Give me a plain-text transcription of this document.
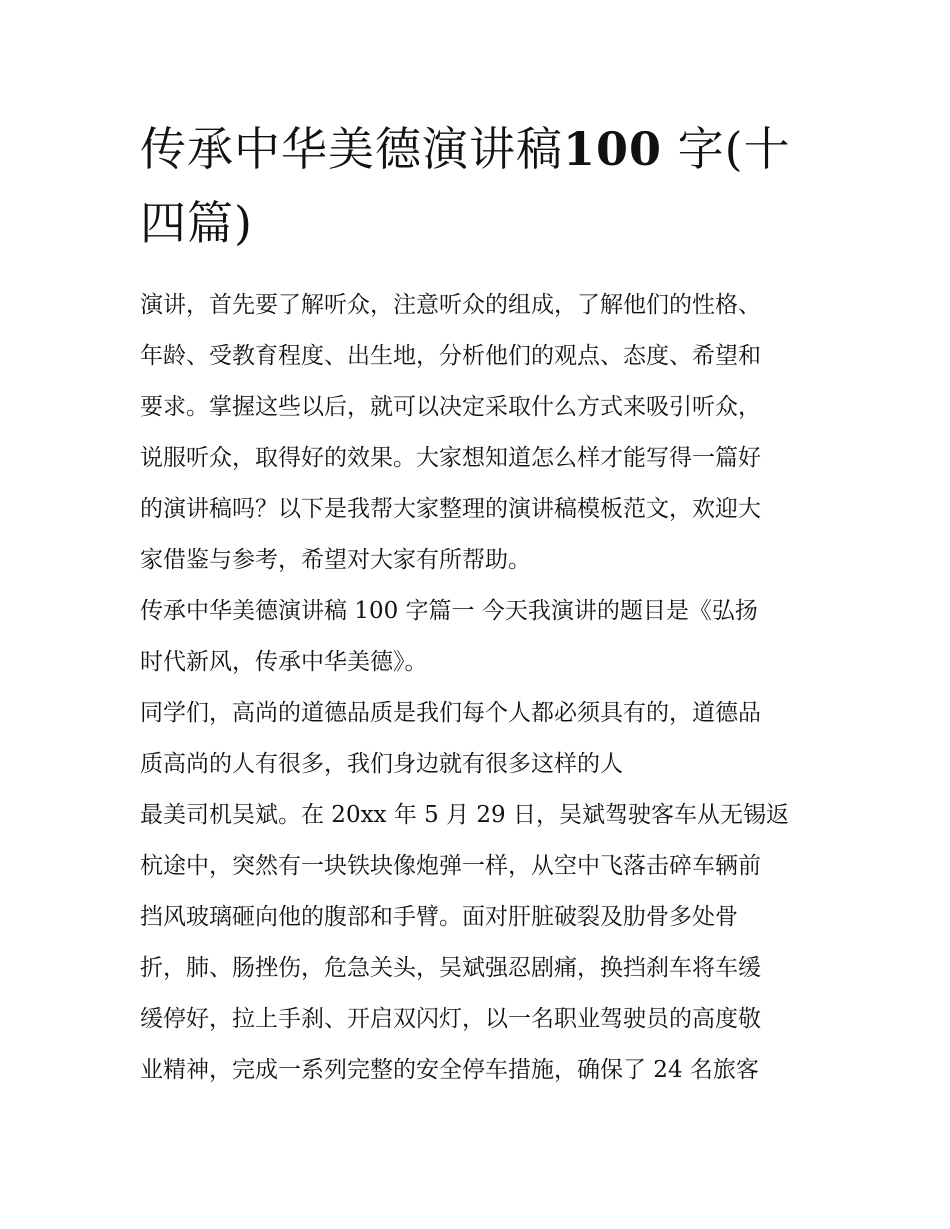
传承中华美德演讲稿100 字(十
四篇)

演讲，首先要了解听众，注意听众的组成，了解他们的性格、
年龄、受教育程度、出生地，分析他们的观点、态度、希望和
要求。掌握这些以后，就可以决定采取什么方式来吸引听众，
说服听众，取得好的效果。大家想知道怎么样才能写得一篇好
的演讲稿吗？以下是我帮大家整理的演讲稿模板范文，欢迎大
家借鉴与参考，希望对大家有所帮助。

传承中华美德演讲稿 100 字篇一 今天我演讲的题目是《弘扬
时代新风，传承中华美德》。

同学们，高尚的道德品质是我们每个人都必须具有的，道德品
质高尚的人有很多，我们身边就有很多这样的人

最美司机吴斌。在 20xx 年 5 月 29 日，吴斌驾驶客车从无锡返
杭途中，突然有一块铁块像炮弹一样，从空中飞落击碎车辆前
挡风玻璃砸向他的腹部和手臂。面对肝脏破裂及肋骨多处骨
折，肺、肠挫伤，危急关头，吴斌强忍剧痛，换挡刹车将车缓
缓停好，拉上手刹、开启双闪灯，以一名职业驾驶员的高度敬
业精神，完成一系列完整的安全停车措施，确保了 24 名旅客
